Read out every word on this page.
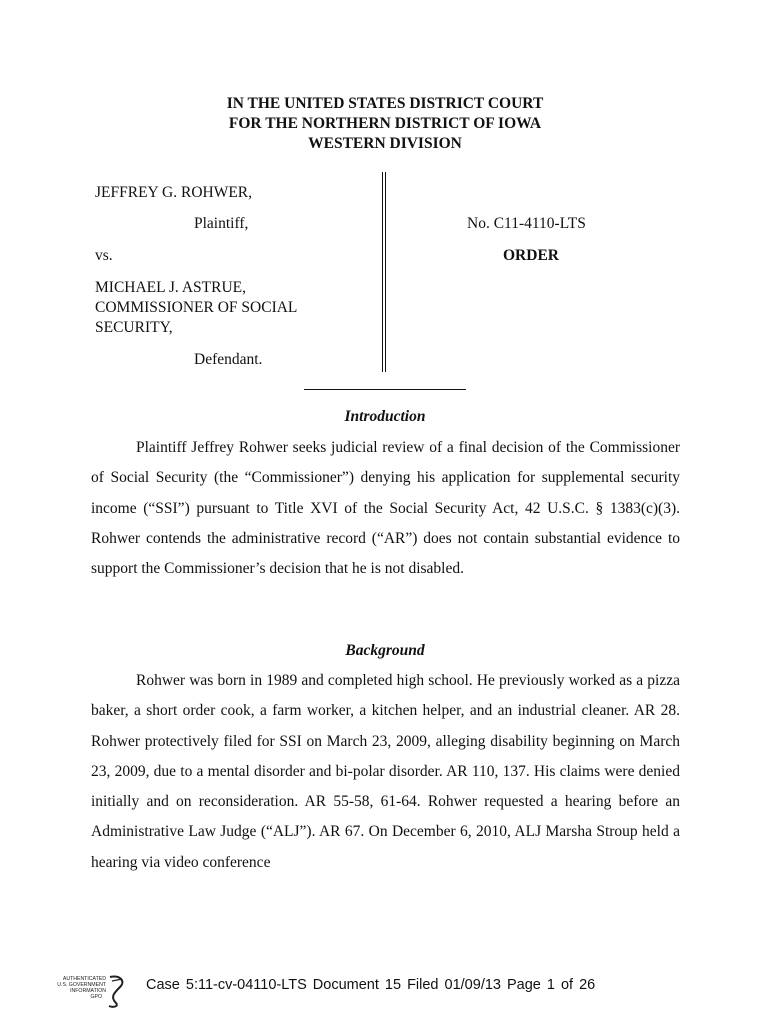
IN THE UNITED STATES DISTRICT COURT
FOR THE NORTHERN DISTRICT OF IOWA
WESTERN DIVISION
JEFFREY G. ROHWER,
Plaintiff,
vs.
MICHAEL J. ASTRUE,
COMMISSIONER OF SOCIAL
SECURITY,
Defendant.
No. C11-4110-LTS
ORDER
Introduction
Plaintiff Jeffrey Rohwer seeks judicial review of a final decision of the Commissioner of Social Security (the “Commissioner”) denying his application for supplemental security income (“SSI”) pursuant to Title XVI of the Social Security Act, 42 U.S.C. § 1383(c)(3). Rohwer contends the administrative record (“AR”) does not contain substantial evidence to support the Commissioner’s decision that he is not disabled.
Background
Rohwer was born in 1989 and completed high school. He previously worked as a pizza baker, a short order cook, a farm worker, a kitchen helper, and an industrial cleaner. AR 28. Rohwer protectively filed for SSI on March 23, 2009, alleging disability beginning on March 23, 2009, due to a mental disorder and bi-polar disorder. AR 110, 137. His claims were denied initially and on reconsideration. AR 55-58, 61-64. Rohwer requested a hearing before an Administrative Law Judge (“ALJ”). AR 67. On December 6, 2010, ALJ Marsha Stroup held a hearing via video conference
AUTHENTICATED
U.S. GOVERNMENT
INFORMATION
GPO
Case 5:11-cv-04110-LTS Document 15 Filed 01/09/13 Page 1 of 26
